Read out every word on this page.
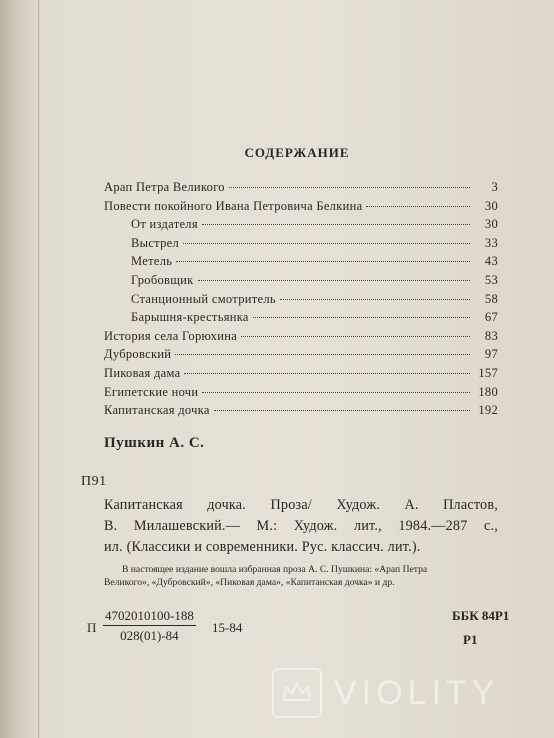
СОДЕРЖАНИЕ
Арап Петра Великого	3
Повести покойного Ивана Петровича Белкина	30
От издателя	30
Выстрел	33
Метель	43
Гробовщик	53
Станционный смотритель	58
Барышня-крестьянка	67
История села Горюхина	83
Дубровский	97
Пиковая дама	157
Египетские ночи	180
Капитанская дочка	192
Пушкин А. С.
П91
Капитанская дочка. Проза/ Худож. А. Пластов,
В. Милашевский.— М.: Худож. лит., 1984.—287 с.,
ил. (Классики и современники. Рус. классич. лит.).
В настоящее издание вошла избранная проза А. С. Пушкина: «Арап Петра
Великого», «Дубровский», «Пиковая дама», «Капитанская дочка» и др.
П $\frac{4702010100-188}{028(01)-84} 15-84$
ББК 84Р1
Р1
VIOLITY
